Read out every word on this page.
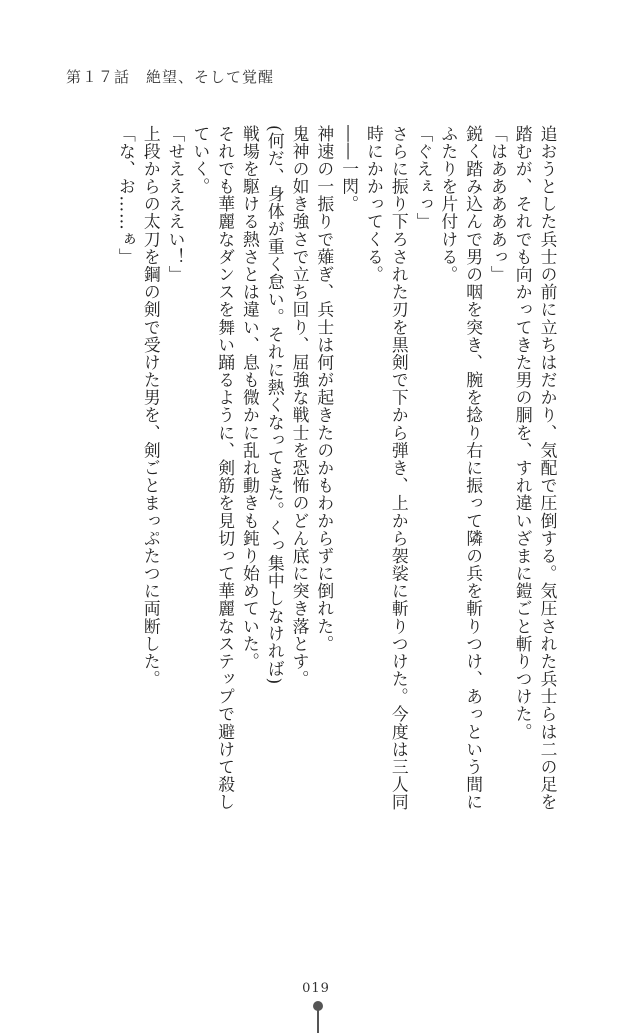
第１７話　絶望、そして覚醒
追おうとした兵士の前に立ちはだかり、気配で圧倒する。気圧された兵士らは二の足を
踏むが、それでも向かってきた男の胴を、すれ違いざまに鎧ごと斬りつけた。
「はあああああっ」
鋭く踏み込んで男の咽を突き、腕を捻り右に振って隣の兵を斬りつけ、あっという間に
ふたりを片付ける。
「ぐえぇっ」
さらに振り下ろされた刃を黒剣で下から弾き、上から袈裟に斬りつけた。今度は三人同
時にかかってくる。
――一閃。
神速の一振りで薙ぎ、兵士は何が起きたのかもわからずに倒れた。
鬼神の如き強さで立ち回り、屈強な戦士を恐怖のどん底に突き落とす。
(何だ、身体が重く怠い。それに熱くなってきた。くっ集中しなければ)
戦場を駆ける熱さとは違い、息も微かに乱れ動きも鈍り始めていた。
それでも華麗なダンスを舞い踊るように、剣筋を見切って華麗なステップで避けて殺し
ていく。
「せええええい！」
上段からの太刀を鋼の剣で受けた男を、剣ごとまっぷたつに両断した。
「な、お……ぁ」
019
